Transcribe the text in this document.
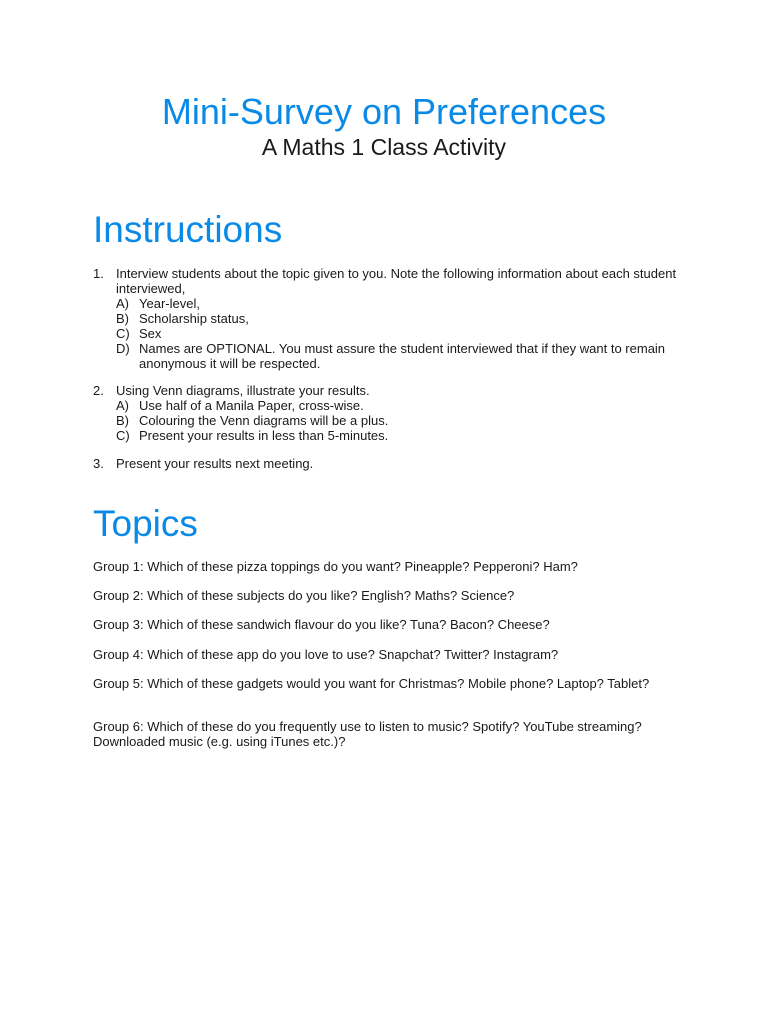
Mini-Survey on Preferences
A Maths 1 Class Activity
Instructions
1. Interview students about the topic given to you. Note the following information about each student interviewed,
A) Year-level,
B) Scholarship status,
C) Sex
D) Names are OPTIONAL. You must assure the student interviewed that if they want to remain anonymous it will be respected.
2. Using Venn diagrams, illustrate your results.
A) Use half of a Manila Paper, cross-wise.
B) Colouring the Venn diagrams will be a plus.
C) Present your results in less than 5-minutes.
3. Present your results next meeting.
Topics
Group 1: Which of these pizza toppings do you want? Pineapple? Pepperoni? Ham?
Group 2: Which of these subjects do you like? English? Maths? Science?
Group 3: Which of these sandwich flavour do you like? Tuna? Bacon? Cheese?
Group 4: Which of these app do you love to use? Snapchat? Twitter? Instagram?
Group 5: Which of these gadgets would you want for Christmas? Mobile phone? Laptop? Tablet?
Group 6: Which of these do you frequently use to listen to music? Spotify? YouTube streaming? Downloaded music (e.g. using iTunes etc.)?
